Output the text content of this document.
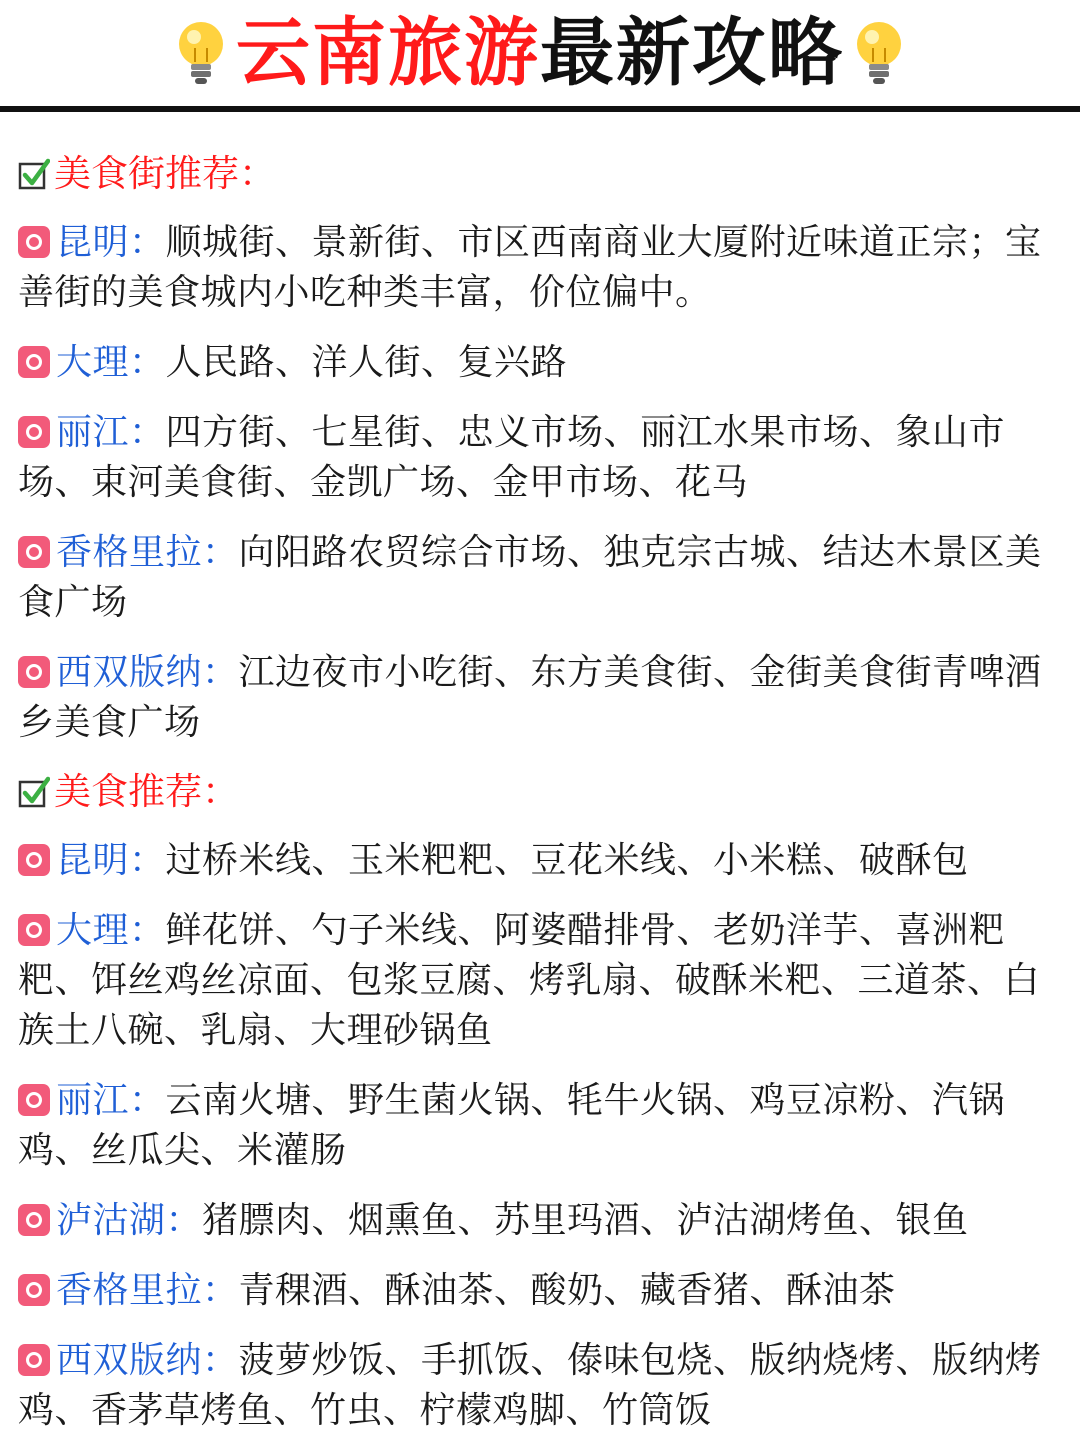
云南旅游最新攻略
美食街推荐：
昆明：顺城街、景新街、市区西南商业大厦附近味道正宗；宝善街的美食城内小吃种类丰富，价位偏中。
大理：人民路、洋人街、复兴路
丽江：四方街、七星街、忠义市场、丽江水果市场、象山市场、束河美食街、金凯广场、金甲市场、花马
香格里拉：向阳路农贸综合市场、独克宗古城、结达木景区美食广场
西双版纳：江边夜市小吃街、东方美食街、金街美食街青啤酒乡美食广场
美食推荐：
昆明：过桥米线、玉米粑粑、豆花米线、小米糕、破酥包
大理：鲜花饼、勺子米线、阿婆醋排骨、老奶洋芋、喜洲粑粑、饵丝鸡丝凉面、包浆豆腐、烤乳扇、破酥米粑、三道茶、白族土八碗、乳扇、大理砂锅鱼
丽江：云南火塘、野生菌火锅、牦牛火锅、鸡豆凉粉、汽锅鸡、丝瓜尖、米灌肠
泸沽湖：猪膘肉、烟熏鱼、苏里玛酒、泸沽湖烤鱼、银鱼
香格里拉：青稞酒、酥油茶、酸奶、藏香猪、酥油茶
西双版纳：菠萝炒饭、手抓饭、傣味包烧、版纳烧烤、版纳烤鸡、香茅草烤鱼、竹虫、柠檬鸡脚、竹筒饭
